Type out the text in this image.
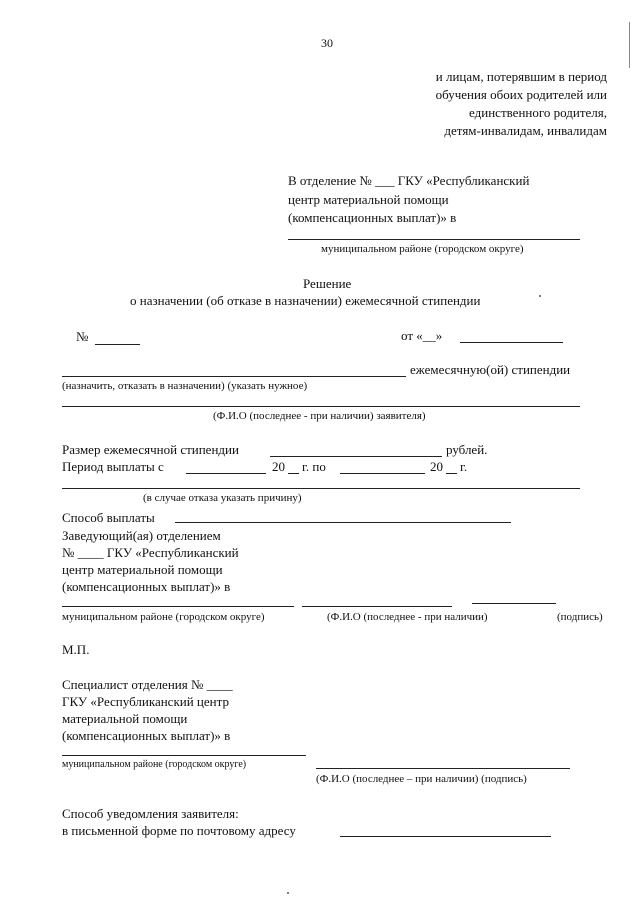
30
и лицам, потерявшим в период
обучения обоих родителей или
единственного родителя,
детям-инвалидам, инвалидам
В отделение № ___ ГКУ «Республиканский
центр материальной помощи
(компенсационных выплат)» в
муниципальном районе (городском округе)
Решение
о назначении (об отказе в назначении) ежемесячной стипендии
№	от «__»
ежемесячную(ой) стипендии
(назначить, отказать в назначении) (указать нужное)
(Ф.И.О (последнее - при наличии) заявителя)
Размер ежемесячной стипендии	рублей.
Период выплаты с	20 г. по	20 г.
(в случае отказа указать причину)
Способ выплаты
Заведующий(ая) отделением
№ ____ ГКУ «Республиканский
центр материальной помощи
(компенсационных выплат)» в
муниципальном районе (городском округе)	(Ф.И.О (последнее - при наличии)	(подпись)
М.П.
Специалист отделения № ____
ГКУ «Республиканский центр
материальной помощи
(компенсационных выплат)» в
муниципальном районе (городском округе)
(Ф.И.О (последнее – при наличии) (подпись)
Способ уведомления заявителя:
в письменной форме по почтовому адресу
